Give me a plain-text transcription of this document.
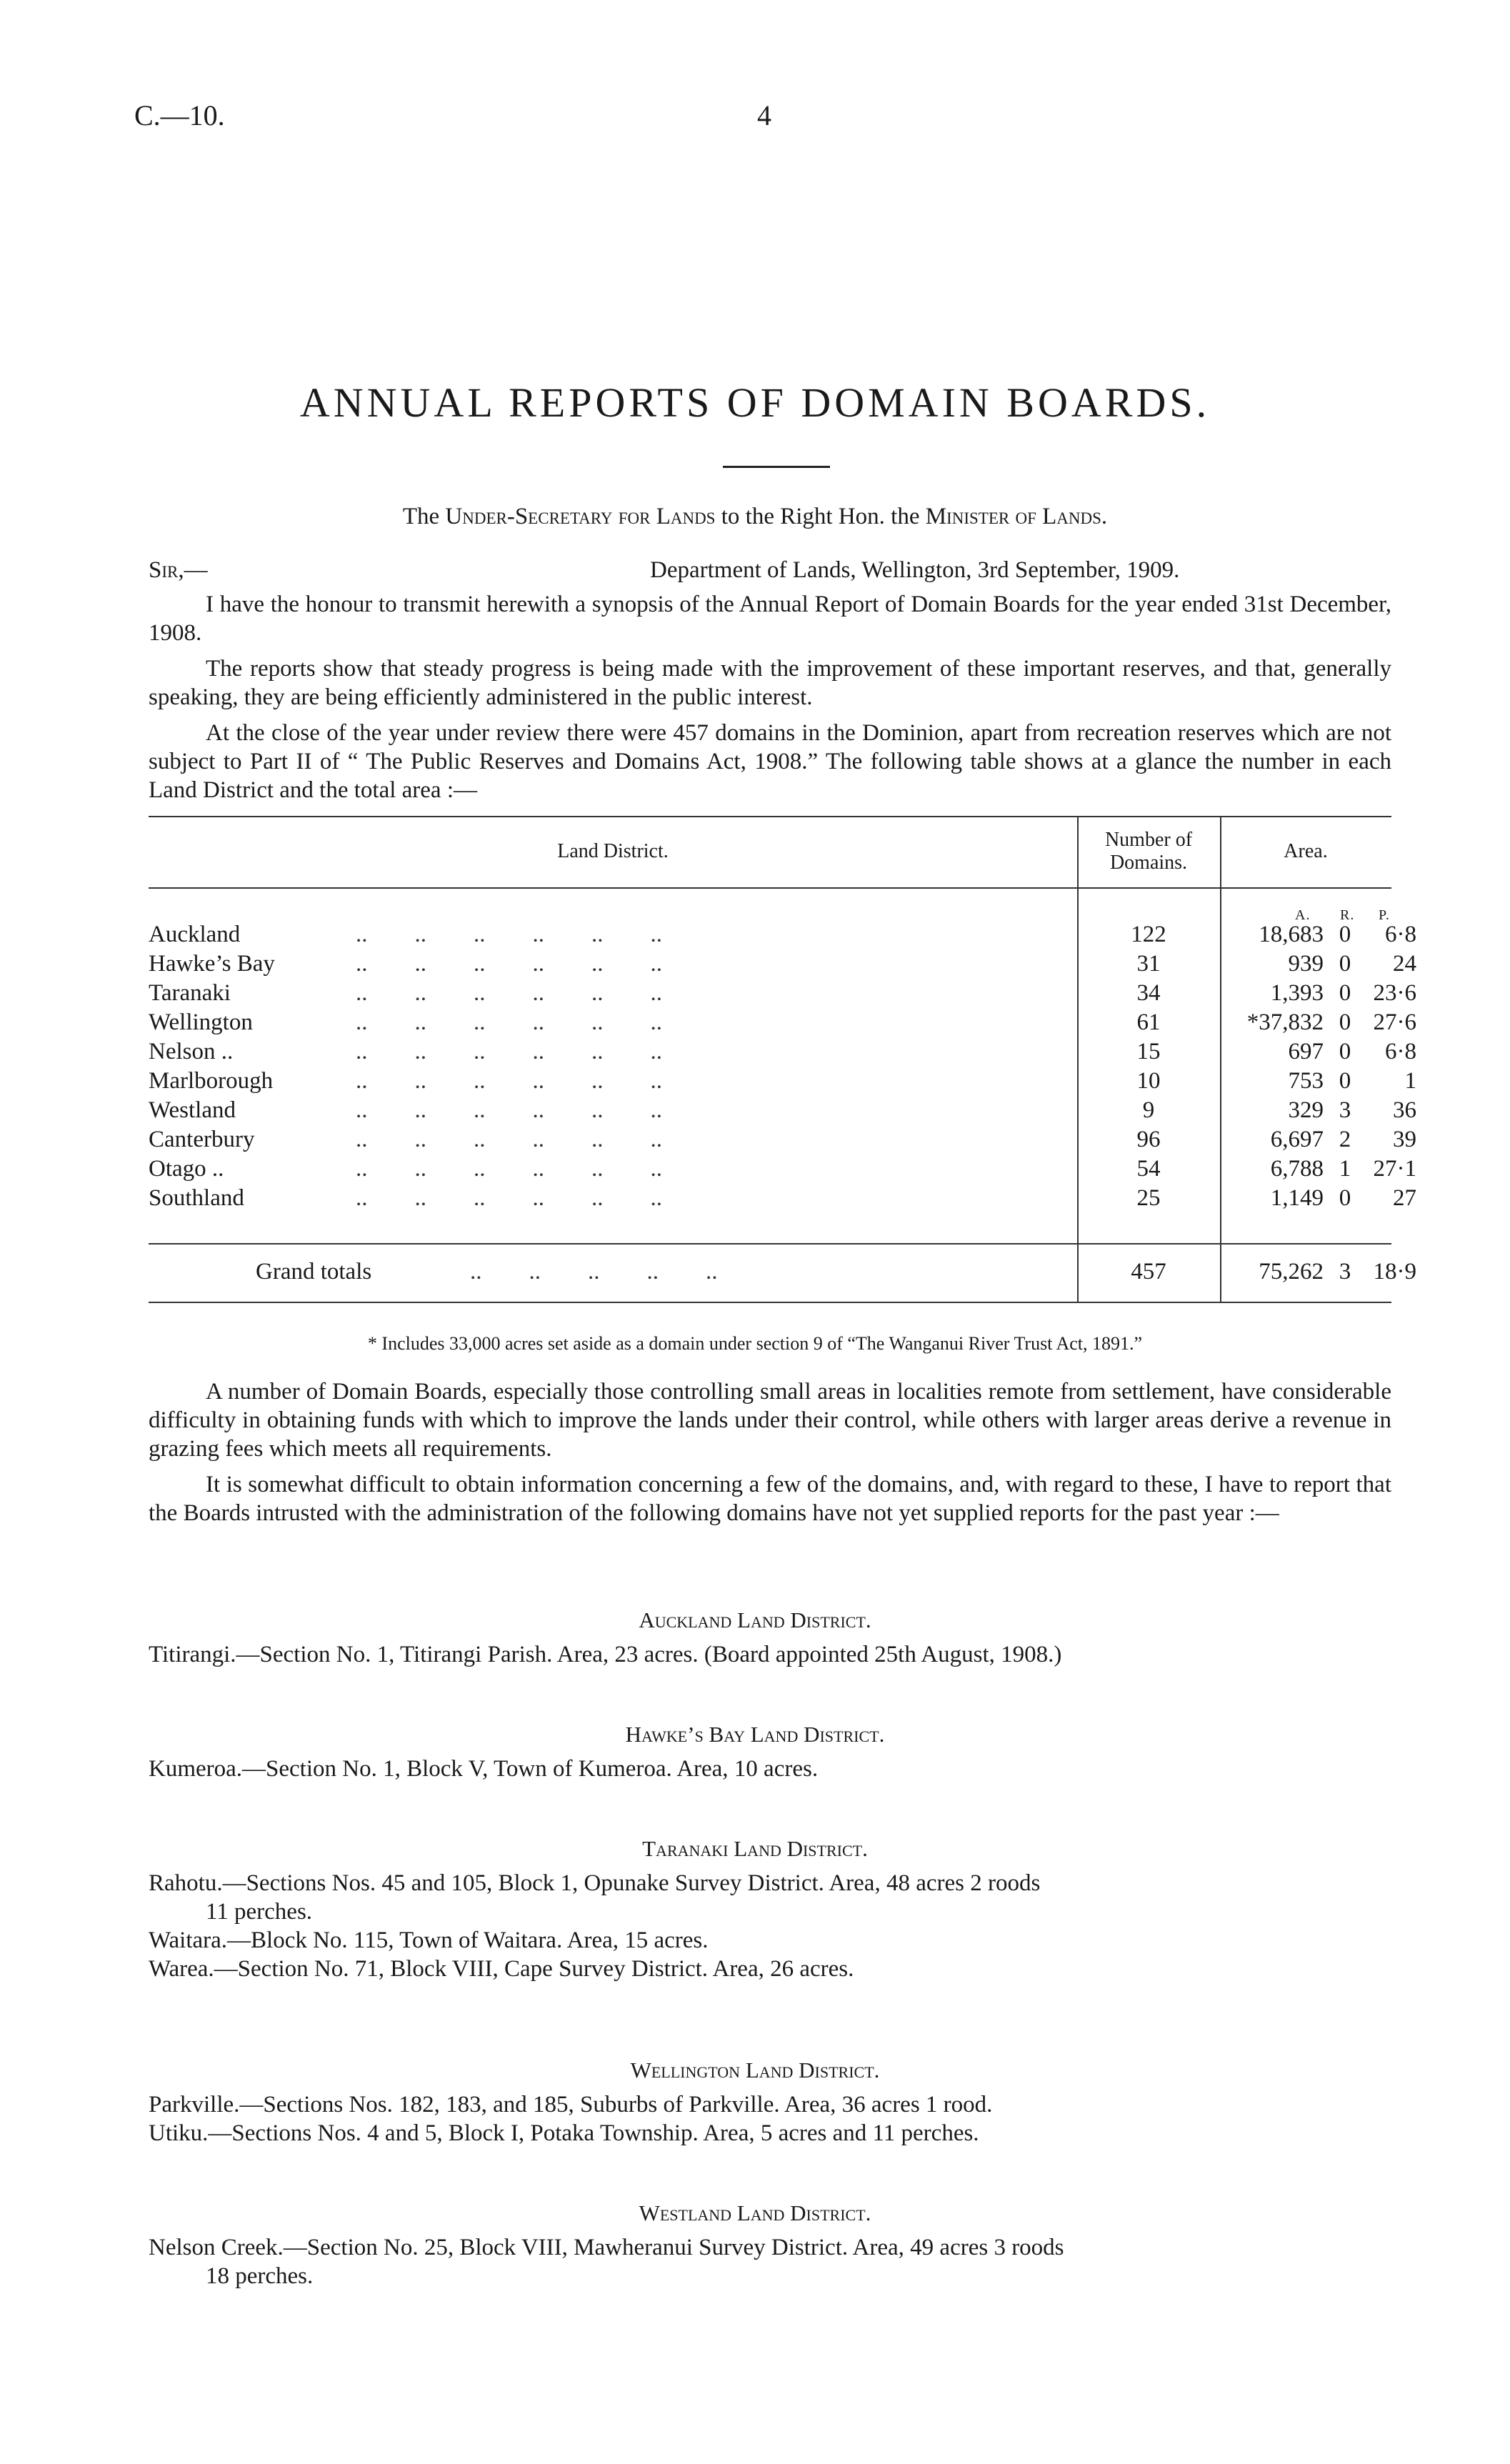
C.—10.	4
ANNUAL REPORTS OF DOMAIN BOARDS.
The Under-Secretary for Lands to the Right Hon. the Minister of Lands.
Sir,—	Department of Lands, Wellington, 3rd September, 1909.

I have the honour to transmit herewith a synopsis of the Annual Report of Domain Boards for the year ended 31st December, 1908.

The reports show that steady progress is being made with the improvement of these important reserves, and that, generally speaking, they are being efficiently administered in the public interest.

At the close of the year under review there were 457 domains in the Dominion, apart from recreation reserves which are not subject to Part II of “ The Public Reserves and Domains Act, 1908.” The following table shows at a glance the number in each Land District and the total area :—

Land District.
Number of Domains.
Area.
A. R. P.
Auckland	..        ..        ..        ..        ..        ..	122	18,683 0	6·8
Hawke’s Bay	..        ..        ..        ..        ..        ..	31	939 0	24
Taranaki	..        ..        ..        ..        ..        ..	34	1,393 0 23·6
Wellington	..        ..        ..        ..        ..        ..	61	*37,832 0 27·6
Nelson ..	..        ..        ..        ..        ..        ..	15	697 0	6·8
Marlborough	..        ..        ..        ..        ..        ..	10	753 0	1
Westland	..        ..        ..        ..        ..        ..	9	329 3	36
Canterbury	..        ..        ..        ..        ..        ..	96	6,697 2	39
Otago ..	..        ..        ..        ..        ..        ..	54	6,788 1 27·1
Southland	..        ..        ..        ..        ..        ..	25	1,149 0	27
Grand totals	..        ..        ..        ..        ..	457	75,262 3 18·9
* Includes 33,000 acres set aside as a domain under section 9 of “The Wanganui River Trust Act, 1891.”

A number of Domain Boards, especially those controlling small areas in localities remote from settlement, have considerable difficulty in obtaining funds with which to improve the lands under their control, while others with larger areas derive a revenue in grazing fees which meets all requirements.

It is somewhat difficult to obtain information concerning a few of the domains, and, with regard to these, I have to report that the Boards intrusted with the administration of the following domains have not yet supplied reports for the past year :—

Auckland Land District.
Titirangi.—Section No. 1, Titirangi Parish. Area, 23 acres. (Board appointed 25th August, 1908.)
Hawke’s Bay Land District.
Kumeroa.—Section No. 1, Block V, Town of Kumeroa. Area, 10 acres.
Taranaki Land District.
Rahotu.—Sections Nos. 45 and 105, Block 1, Opunake Survey District. Area, 48 acres 2 roods
11 perches.
Waitara.—Block No. 115, Town of Waitara. Area, 15 acres.
Warea.—Section No. 71, Block VIII, Cape Survey District. Area, 26 acres.
Wellington Land District.
Parkville.—Sections Nos. 182, 183, and 185, Suburbs of Parkville. Area, 36 acres 1 rood.
Utiku.—Sections Nos. 4 and 5, Block I, Potaka Township. Area, 5 acres and 11 perches.
Westland Land District.
Nelson Creek.—Section No. 25, Block VIII, Mawheranui Survey District. Area, 49 acres 3 roods
18 perches.
